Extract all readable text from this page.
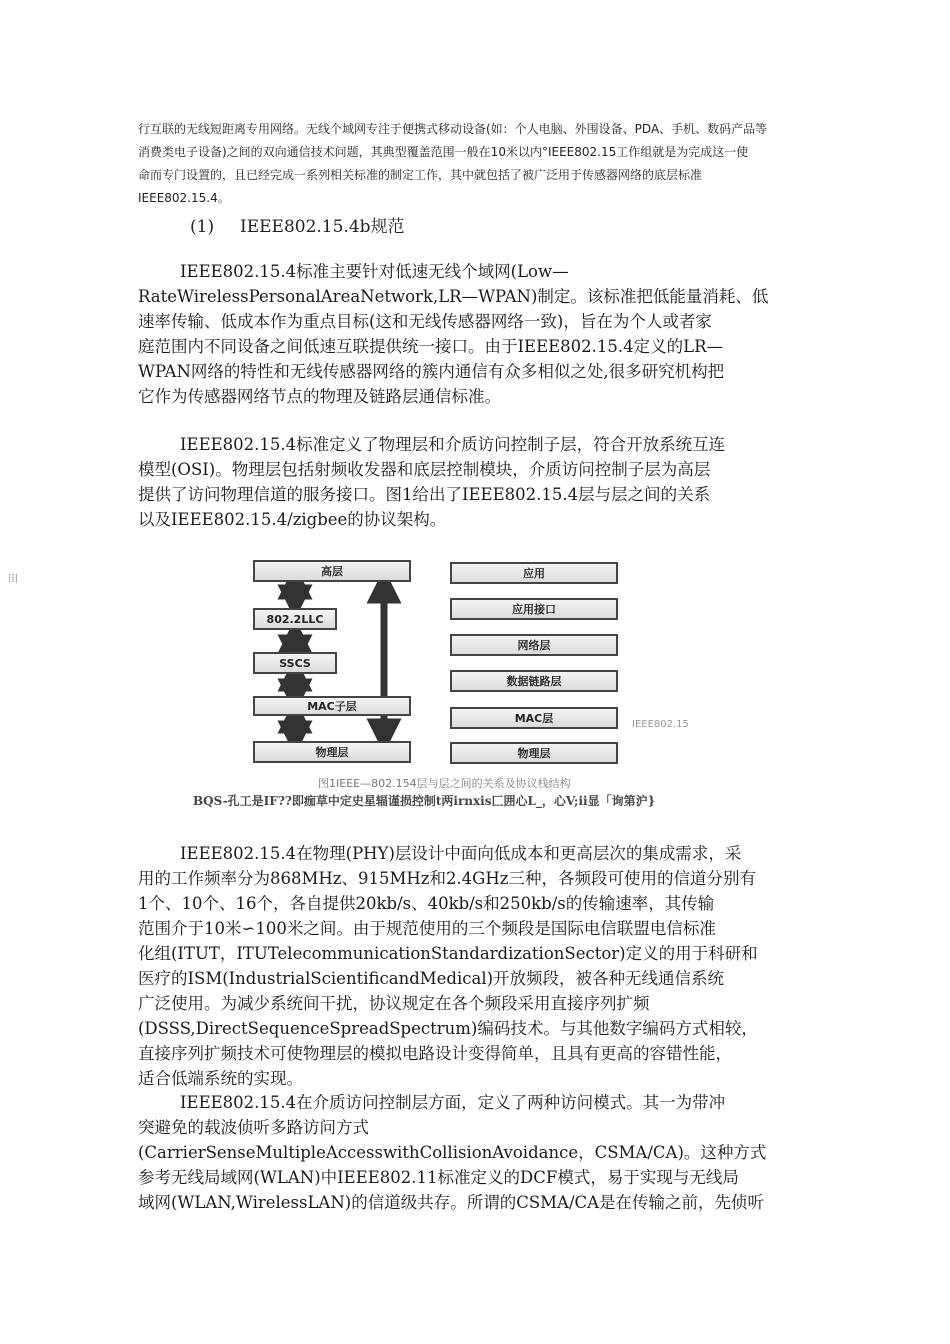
行互联的无线短距离专用网络。无线个域网专注于便携式移动设备(如：个人电脑、外围设备、PDA、手机、数码产品等

消费类电子设备)之间的双向通信技术问题，其典型覆盖范围一般在10米以内°IEEE802.15工作组就是为完成这一使

命而专门设置的，且已经完成一系列相关标准的制定工作，其中就包括了被广泛用于传感器网络的底层标准

IEEE802.15.4。

(1) IEEE802.15.4b规范

IEEE802.15.4标准主要针对低速无线个域网(Low—

RateWirelessPersonalAreaNetwork,LR—WPAN)制定。该标准把低能量消耗、低

速率传输、低成本作为重点目标(这和无线传感器网络一致)，旨在为个人或者家

庭范围内不同设备之间低速互联提供统一接口。由于IEEE802.15.4定义的LR—

WPAN网络的特性和无线传感器网络的簇内通信有众多相似之处,很多研究机构把

它作为传感器网络节点的物理及链路层通信标准。

IEEE802.15.4标准定义了物理层和介质访问控制子层，符合开放系统互连

模型(OSI)。物理层包括射频收发器和底层控制模块，介质访问控制子层为高层

提供了访问物理信道的服务接口。图1给出了IEEE802.15.4层与层之间的关系

以及IEEE802.15.4/zigbee的协议架构。

田
高层
802.2LLC
SSCS
MAC子层
物理层
应用
应用接口
网络层
数据链路层
MAC层
物理层
IEEE802.15
图1IEEE—802.154层与层之间的关系及协议栈结构
BQS-孔工是IF??即痂草中定史星辐谨损控制t两irnxis匚囲心L_，心V;ii显「询第沪}

IEEE802.15.4在物理(PHY)层设计中面向低成本和更高层次的集成需求，采

用的工作频率分为868MHz、915MHz和2.4GHz三种，各频段可使用的信道分别有

1个、10个、16个，各自提供20kb/s、40kb/s和250kb/s的传输速率，其传输

范围介于10米∽100米之间。由于规范使用的三个频段是国际电信联盟电信标准

化组(ITUT，ITUTelecommunicationStandardizationSector)定义的用于科研和

医疗的ISM(IndustrialScientificandMedical)开放频段，被各种无线通信系统

广泛使用。为减少系统间干扰，协议规定在各个频段采用直接序列扩频

(DSSS,DirectSequenceSpreadSpectrum)编码技术。与其他数字编码方式相较，

直接序列扩频技术可使物理层的模拟电路设计变得简单，且具有更高的容错性能，

适合低端系统的实现。

IEEE802.15.4在介质访问控制层方面，定义了两种访问模式。其一为带冲

突避免的载波侦听多路访问方式

(CarrierSenseMultipleAccesswithCollisionAvoidance，CSMA/CA)。这种方式

参考无线局域网(WLAN)中IEEE802.11标准定义的DCF模式，易于实现与无线局

域网(WLAN,WirelessLAN)的信道级共存。所谓的CSMA/CA是在传输之前，先侦听
